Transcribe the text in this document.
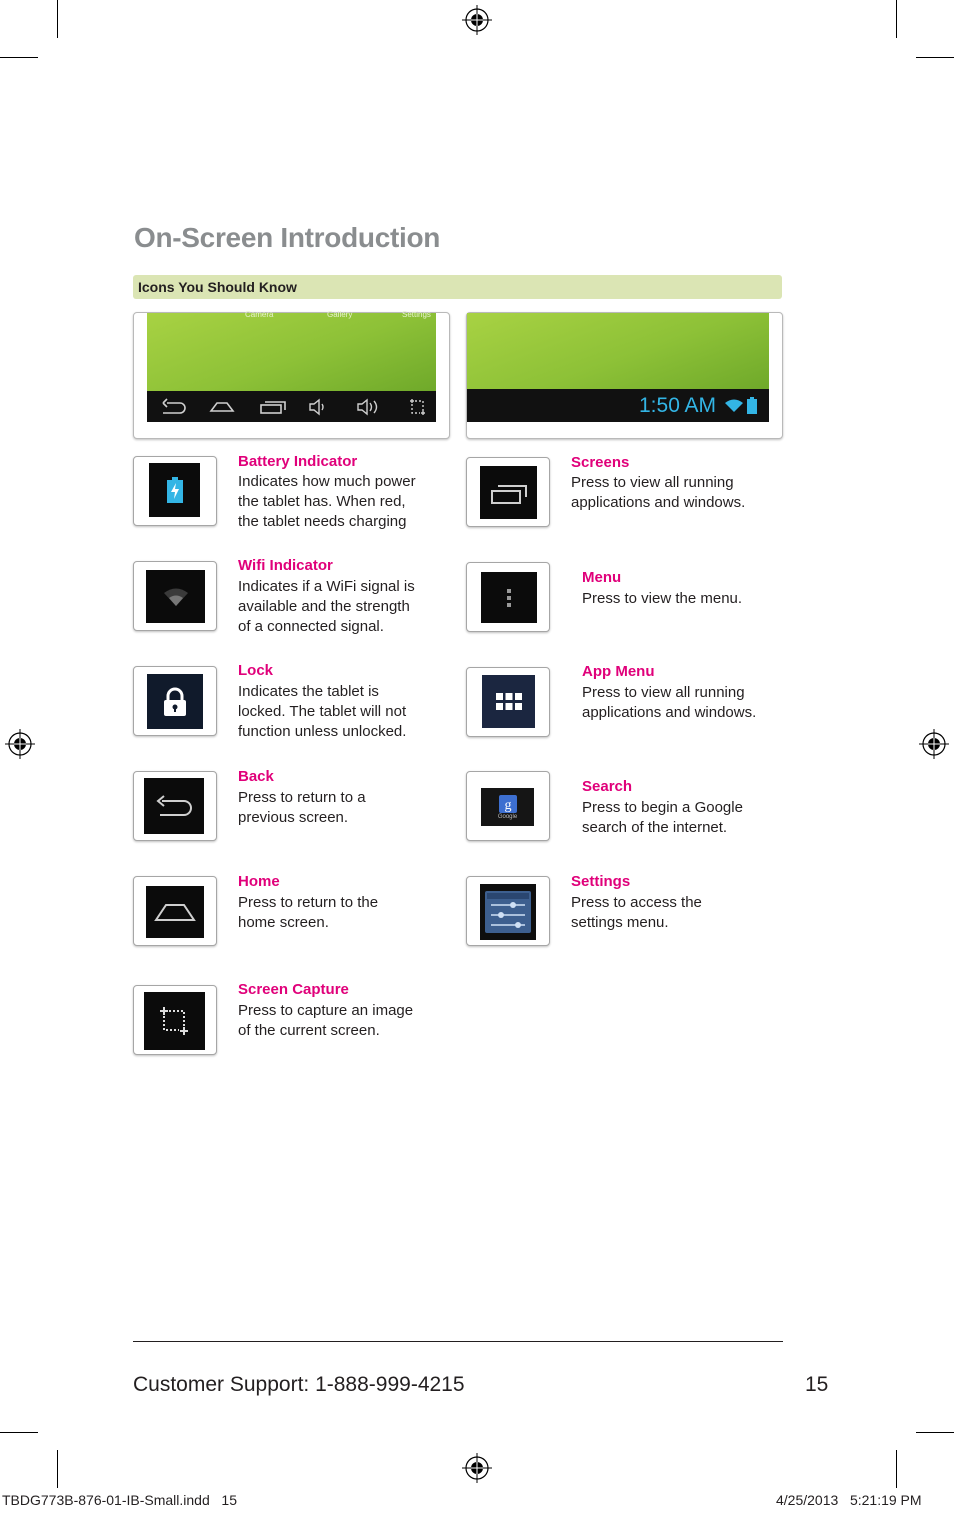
On-Screen Introduction
Icons You Should Know
Camera	Gallery	Settings
1:50 AM
Battery Indicator
Indicates how much power
the tablet has. When red,
the tablet needs charging
Wifi Indicator
Indicates if a WiFi signal is
available and the strength
of a connected signal.
Lock
Indicates the tablet is
locked. The tablet will not
function unless unlocked.
Back
Press to return to a
previous screen.
Home
Press to return to the
home screen.
Screen Capture
Press to capture an image
of the current screen.
Screens
Press to view all running
applications and windows.
Menu
Press to view the menu.
App Menu
Press to view all running
applications and windows.
g
Google
Search
Press to begin a Google
search of the internet.
Settings
Press to access the
settings menu.
Customer Support: 1-888-999-4215	15
TBDG773B-876-01-IB-Small.indd   15	4/25/2013   5:21:19 PM
